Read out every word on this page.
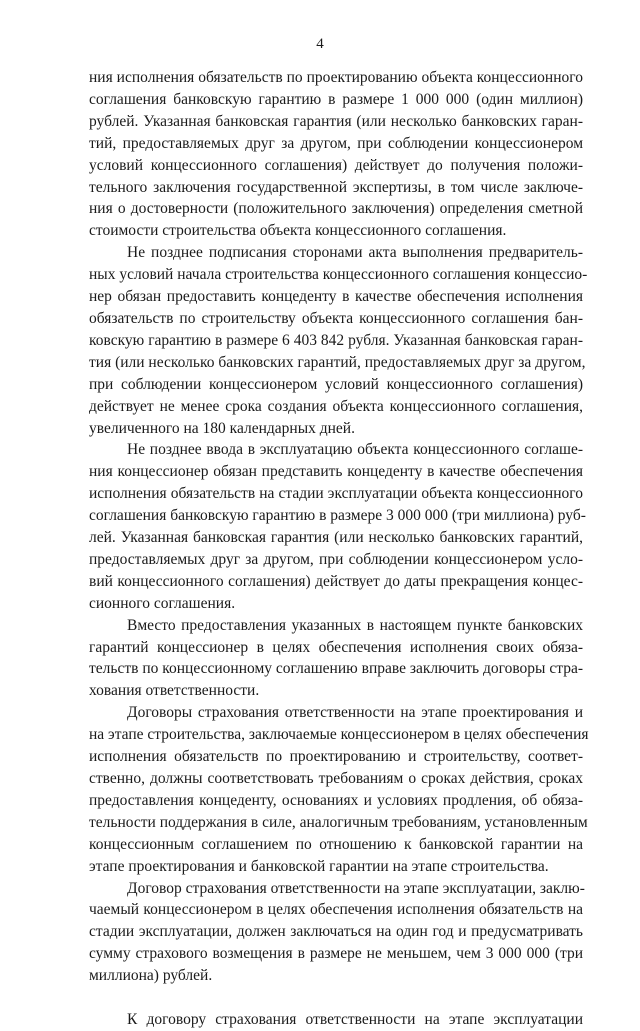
4
ния исполнения обязательств по проектированию объекта концессионного
соглашения банковскую гарантию в размере 1 000 000 (один миллион)
рублей. Указанная банковская гарантия (или несколько банковских гаран-
тий, предоставляемых друг за другом, при соблюдении концессионером
условий концессионного соглашения) действует до получения положи-
тельного заключения государственной экспертизы, в том числе заключе-
ния о достоверности (положительного заключения) определения сметной
стоимости строительства объекта концессионного соглашения.
Не позднее подписания сторонами акта выполнения предваритель-
ных условий начала строительства концессионного соглашения концессио-
нер обязан предоставить концеденту в качестве обеспечения исполнения
обязательств по строительству объекта концессионного соглашения бан-
ковскую гарантию в размере 6 403 842 рубля. Указанная банковская гаран-
тия (или несколько банковских гарантий, предоставляемых друг за другом,
при соблюдении концессионером условий концессионного соглашения)
действует не менее срока создания объекта концессионного соглашения,
увеличенного на 180 календарных дней.
Не позднее ввода в эксплуатацию объекта концессионного соглаше-
ния концессионер обязан представить концеденту в качестве обеспечения
исполнения обязательств на стадии эксплуатации объекта концессионного
соглашения банковскую гарантию в размере 3 000 000 (три миллиона) руб-
лей. Указанная банковская гарантия (или несколько банковских гарантий,
предоставляемых друг за другом, при соблюдении концессионером усло-
вий концессионного соглашения) действует до даты прекращения концес-
сионного соглашения.
Вместо предоставления указанных в настоящем пункте банковских
гарантий концессионер в целях обеспечения исполнения своих обяза-
тельств по концессионному соглашению вправе заключить договоры стра-
хования ответственности.
Договоры страхования ответственности на этапе проектирования и
на этапе строительства, заключаемые концессионером в целях обеспечения
исполнения обязательств по проектированию и строительству, соответ-
ственно, должны соответствовать требованиям о сроках действия, сроках
предоставления концеденту, основаниях и условиях продления, об обяза-
тельности поддержания в силе, аналогичным требованиям, установленным
концессионным соглашением по отношению к банковской гарантии на
этапе проектирования и банковской гарантии на этапе строительства.
Договор страхования ответственности на этапе эксплуатации, заклю-
чаемый концессионером в целях обеспечения исполнения обязательств на
стадии эксплуатации, должен заключаться на один год и предусматривать
сумму страхового возмещения в размере не меньшем, чем 3 000 000 (три
миллиона) рублей.
К договору страхования ответственности на этапе эксплуатации
